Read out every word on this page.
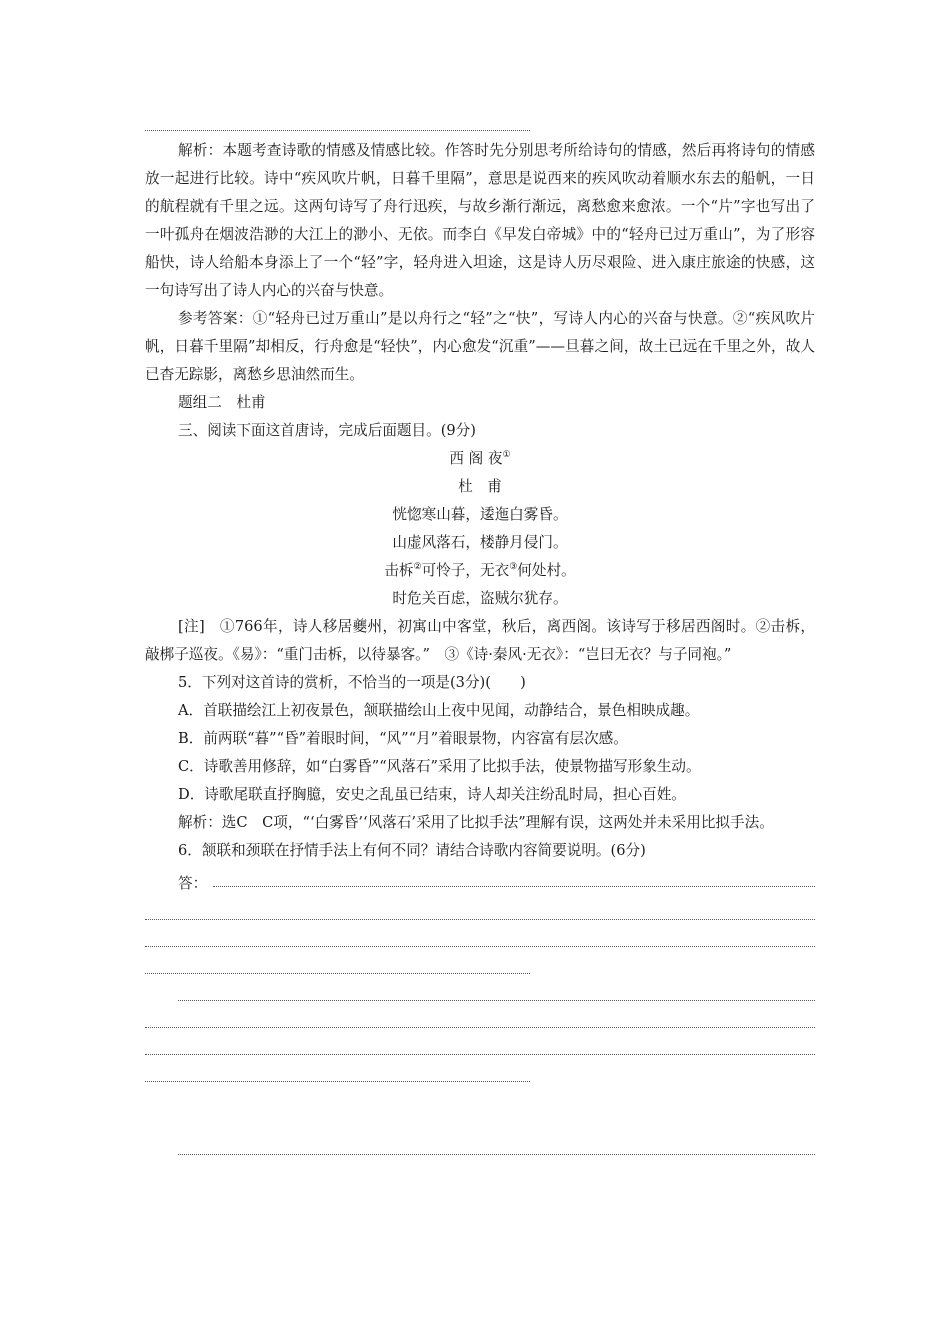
解析：本题考查诗歌的情感及情感比较。作答时先分别思考所给诗句的情感，然后再将诗句的情感放一起进行比较。诗中“疾风吹片帆，日暮千里隔”，意思是说西来的疾风吹动着顺水东去的船帆，一日的航程就有千里之远。这两句诗写了舟行迅疾，与故乡渐行渐远，离愁愈来愈浓。一个“片”字也写出了一叶孤舟在烟波浩渺的大江上的渺小、无依。而李白《早发白帝城》中的“轻舟已过万重山”，为了形容船快，诗人给船本身添上了一个“轻”字，轻舟进入坦途，这是诗人历尽艰险、进入康庄旅途的快感，这一句诗写出了诗人内心的兴奋与快意。

参考答案：①“轻舟已过万重山”是以舟行之“轻”之“快”，写诗人内心的兴奋与快意。②“疾风吹片帆，日暮千里隔”却相反，行舟愈是“轻快”，内心愈发“沉重”——旦暮之间，故土已远在千里之外，故人已杳无踪影，离愁乡思油然而生。

题组二　杜甫

三、阅读下面这首唐诗，完成后面题目。(9分)

西 阁 夜①

杜　甫

恍惚寒山暮，逶迤白雾昏。

山虚风落石，楼静月侵门。

击柝②可怜子，无衣③何处村。

时危关百虑，盗贼尔犹存。

[注]　①766年，诗人移居夔州，初寓山中客堂，秋后，离西阁。该诗写于移居西阁时。②击柝，敲梆子巡夜。《易》：“重门击柝，以待暴客。”　③《诗·秦风·无衣》：“岂曰无衣？与子同袍。”

5．下列对这首诗的赏析，不恰当的一项是(3分)(　　)

A．首联描绘江上初夜景色，颔联描绘山上夜中见闻，动静结合，景色相映成趣。

B．前两联“暮”“昏”着眼时间，“风”“月”着眼景物，内容富有层次感。

C．诗歌善用修辞，如“白雾昏”“风落石”采用了比拟手法，使景物描写形象生动。

D．诗歌尾联直抒胸臆，安史之乱虽已结束，诗人却关注纷乱时局，担心百姓。

解析：选C　C项，“‘白雾昏’‘风落石’采用了比拟手法”理解有误，这两处并未采用比拟手法。

6．颔联和颈联在抒情手法上有何不同？请结合诗歌内容简要说明。(6分)

答：
